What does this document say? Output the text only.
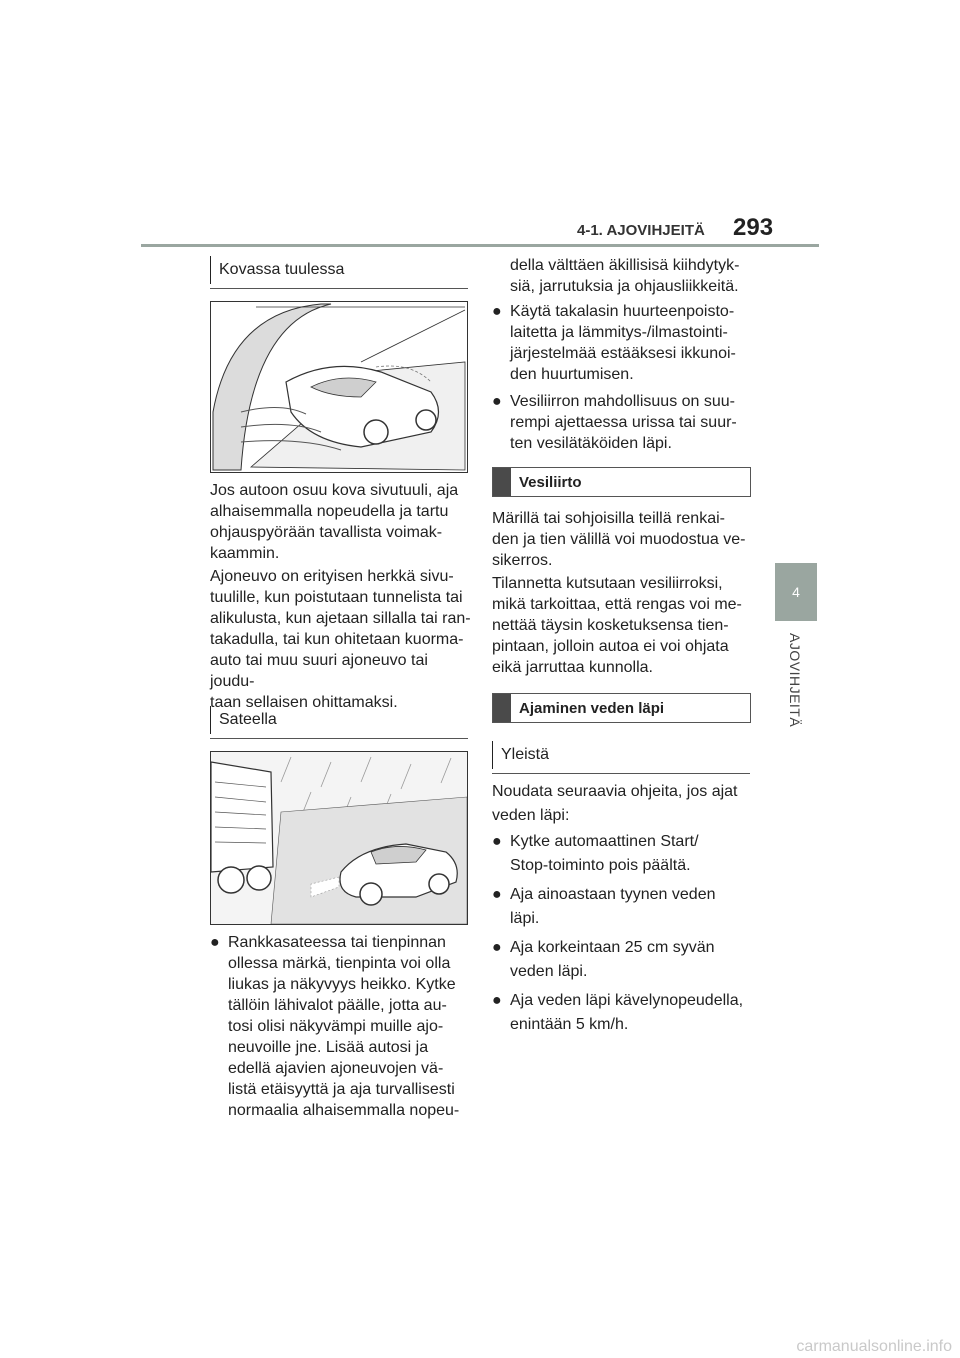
4-1. AJOVIHJEITÄ 293
4
AJOVIHJEITÄ
Kovassa tuulessa

Jos autoon osuu kova sivutuuli, aja
alhaisemmalla nopeudella ja tartu
ohjauspyörään tavallista voimak-
kaammin.

Ajoneuvo on erityisen herkkä sivu-
tuulille, kun poistutaan tunnelista tai
alikulusta, kun ajetaan sillalla tai ran-
takadulla, tai kun ohitetaan kuorma-
auto tai muu suuri ajoneuvo tai joudu-
taan sellaisen ohittamaksi.

Sateella
● Rankkasateessa tai tienpinnan
ollessa märkä, tienpinta voi olla
liukas ja näkyvyys heikko. Kytke
tällöin lähivalot päälle, jotta au-
tosi olisi näkyvämpi muille ajo-
neuvoille jne. Lisää autosi ja
edellä ajavien ajoneuvojen vä-
listä etäisyyttä ja aja turvallisesti
normaalia alhaisemmalla nopeu-

della välttäen äkillisisä kiihdytyk-
siä, jarrutuksia ja ohjausliikkeitä.

● Käytä takalasin huurteenpoisto-
laitetta ja lämmitys-/ilmastointi-
järjestelmää estääksesi ikkunoi-
den huurtumisen.
● Vesiliirron mahdollisuus on suu-
rempi ajettaessa urissa tai suur-
ten vesilätäköiden läpi.
Vesiliirto

Märillä tai sohjoisilla teillä renkai-
den ja tien välillä voi muodostua ve-
sikerros.

Tilannetta kutsutaan vesiliirroksi,
mikä tarkoittaa, että rengas voi me-
nettää täysin kosketuksensa tien-
pintaan, jolloin autoa ei voi ohjata
eikä jarruttaa kunnolla.

Ajaminen veden läpi
Yleistä

Noudata seuraavia ohjeita, jos ajat
veden läpi:

● Kytke automaattinen Start/
Stop-toiminto pois päältä.
● Aja ainoastaan tyynen veden
läpi.
● Aja korkeintaan 25 cm syvän
veden läpi.
● Aja veden läpi kävelynopeudella,
enintään 5 km/h.
carmanualsonline.info
